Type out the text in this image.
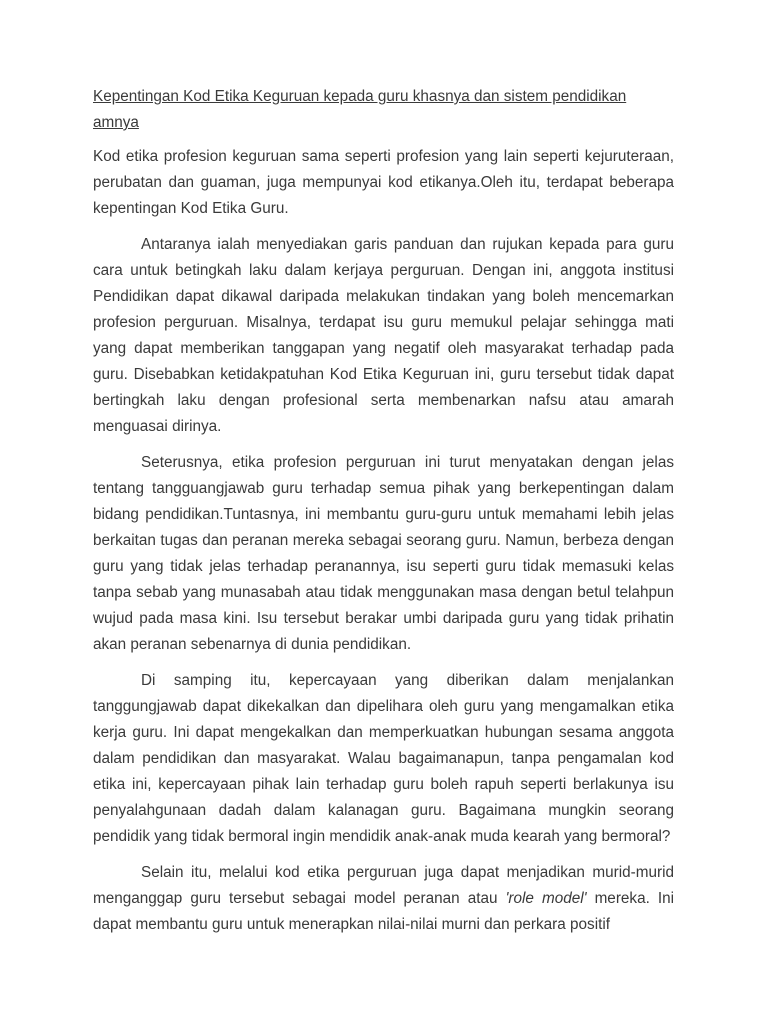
Kepentingan Kod Etika Keguruan kepada guru khasnya dan sistem pendidikan amnya

Kod etika profesion keguruan sama seperti profesion yang lain seperti kejuruteraan, perubatan dan guaman, juga mempunyai kod etikanya.Oleh itu, terdapat beberapa kepentingan Kod Etika Guru.

Antaranya ialah menyediakan garis panduan dan rujukan kepada para guru cara untuk betingkah laku dalam kerjaya perguruan. Dengan ini, anggota institusi Pendidikan dapat dikawal daripada melakukan tindakan yang boleh mencemarkan profesion perguruan. Misalnya, terdapat isu guru memukul pelajar sehingga mati yang dapat memberikan tanggapan yang negatif oleh masyarakat terhadap pada guru. Disebabkan ketidakpatuhan Kod Etika Keguruan ini, guru tersebut tidak dapat bertingkah laku dengan profesional serta membenarkan nafsu atau amarah menguasai dirinya.

Seterusnya, etika profesion perguruan ini turut menyatakan dengan jelas tentang tangguangjawab guru terhadap semua pihak yang berkepentingan dalam bidang pendidikan.Tuntasnya, ini membantu guru-guru untuk memahami lebih jelas berkaitan tugas dan peranan mereka sebagai seorang guru. Namun, berbeza dengan guru yang tidak jelas terhadap peranannya, isu seperti guru tidak memasuki kelas tanpa sebab yang munasabah atau tidak menggunakan masa dengan betul telahpun wujud pada masa kini. Isu tersebut berakar umbi daripada guru yang tidak prihatin akan peranan sebenarnya di dunia pendidikan.

Di samping itu, kepercayaan yang diberikan dalam menjalankan tanggungjawab dapat dikekalkan dan dipelihara oleh guru yang mengamalkan etika kerja guru. Ini dapat mengekalkan dan memperkuatkan hubungan sesama anggota dalam pendidikan dan masyarakat. Walau bagaimanapun, tanpa pengamalan kod etika ini, kepercayaan pihak lain terhadap guru boleh rapuh seperti berlakunya isu penyalahgunaan dadah dalam kalanagan guru. Bagaimana mungkin seorang pendidik yang tidak bermoral ingin mendidik anak-anak muda kearah yang bermoral?

Selain itu, melalui kod etika perguruan juga dapat menjadikan murid-murid menganggap guru tersebut sebagai model peranan atau 'role model' mereka. Ini dapat membantu guru untuk menerapkan nilai-nilai murni dan perkara positif
